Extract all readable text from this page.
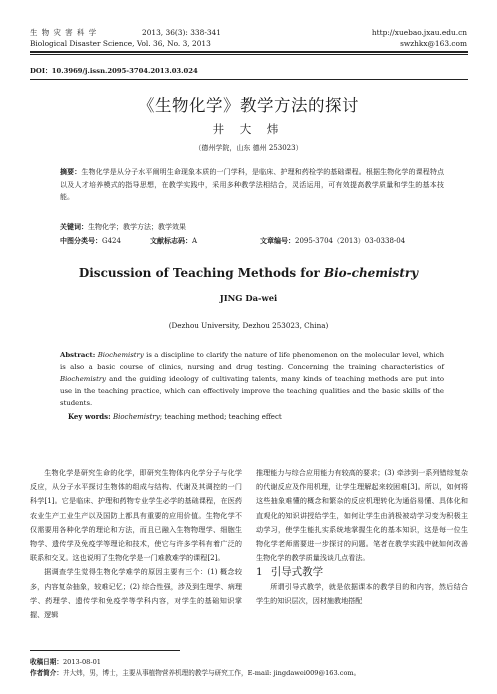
生 物 灾 害 科 学	2013, 36(3): 338-341
Biological Disaster Science, Vol. 36, No. 3, 2013
http://xuebao.jxau.edu.cn
swzhkx@163.com
DOI：10.3969/j.issn.2095-3704.2013.03.024
《生物化学》教学方法的探讨
井 大 炜
（德州学院，山东 德州 253023）
摘要：生物化学是从分子水平阐明生命现象本质的一门学科，是临床、护理和药检学的基础课程。根据生物化学的课程特点以及人才培养模式的指导思想，在教学实践中，采用多种教学法相结合，灵活运用，可有效提高教学质量和学生的基本技能。
关键词：生物化学；教学方法；教学效果
中图分类号：G424	文献标志码：A	文章编号：2095-3704（2013）03-0338-04
Discussion of Teaching Methods for Bio-chemistry
JING Da-wei
(Dezhou University, Dezhou 253023, China)
Abstract: Biochemistry is a discipline to clarify the nature of life phenomenon on the molecular level, which is also a basic course of clinics, nursing and drug testing. Concerning the training characteristics of Biochemistry and the guiding ideology of cultivating talents, many kinds of teaching methods are put into use in the teaching practice, which can effectively improve the teaching qualities and the basic skills of the students.
Key words: Biochemistry; teaching method; teaching effect

生物化学是研究生命的化学，即研究生物体内化学分子与化学反应，从分子水平探讨生物体的组成与结构、代谢及其调控的一门科学[1]。它是临床、护理和药物专业学生必学的基础课程，在医药农业生产工业生产以及国防上都具有重要的应用价值。生物化学不仅需要用各种化学的理论和方法，而且已融入生物物理学、细胞生物学、遗传学及免疫学等理论和技术，使它与许多学科有着广泛的联系和交叉。这也说明了生物化学是一门难教难学的课程[2]。

据调查学生觉得生物化学难学的原因主要有三个：(1) 概念较多，内容复杂抽象，较难记忆；(2) 综合性强，涉及到生理学、病理学、药理学、遗传学和免疫学等学科内容，对学生的基础知识掌握、逻辑

推理能力与综合应用能力有较高的要求；(3) 牵涉到一系列错综复杂的代谢反应及作用机理，让学生理解起来较困难[3]。所以，如何将这些抽象难懂的概念和繁杂的反应机理转化为通俗易懂、具体化和直观化的知识讲授给学生，如何让学生由消极被动学习变为积极主动学习，使学生能扎实系统地掌握生化的基本知识，这是每一位生物化学老师需要进一步探讨的问题。笔者在教学实践中就如何改善生物化学的教学质量浅谈几点看法。

1 引导式教学

所谓引导式教学，就是依据课本的教学目的和内容，然后结合学生的知识层次，因材施教地搭配

收稿日期：2013-08-01
作者简介：井大炜，男，博士，主要从事植物营养机理的教学与研究工作，E-mail: jingdawei009@163.com。
